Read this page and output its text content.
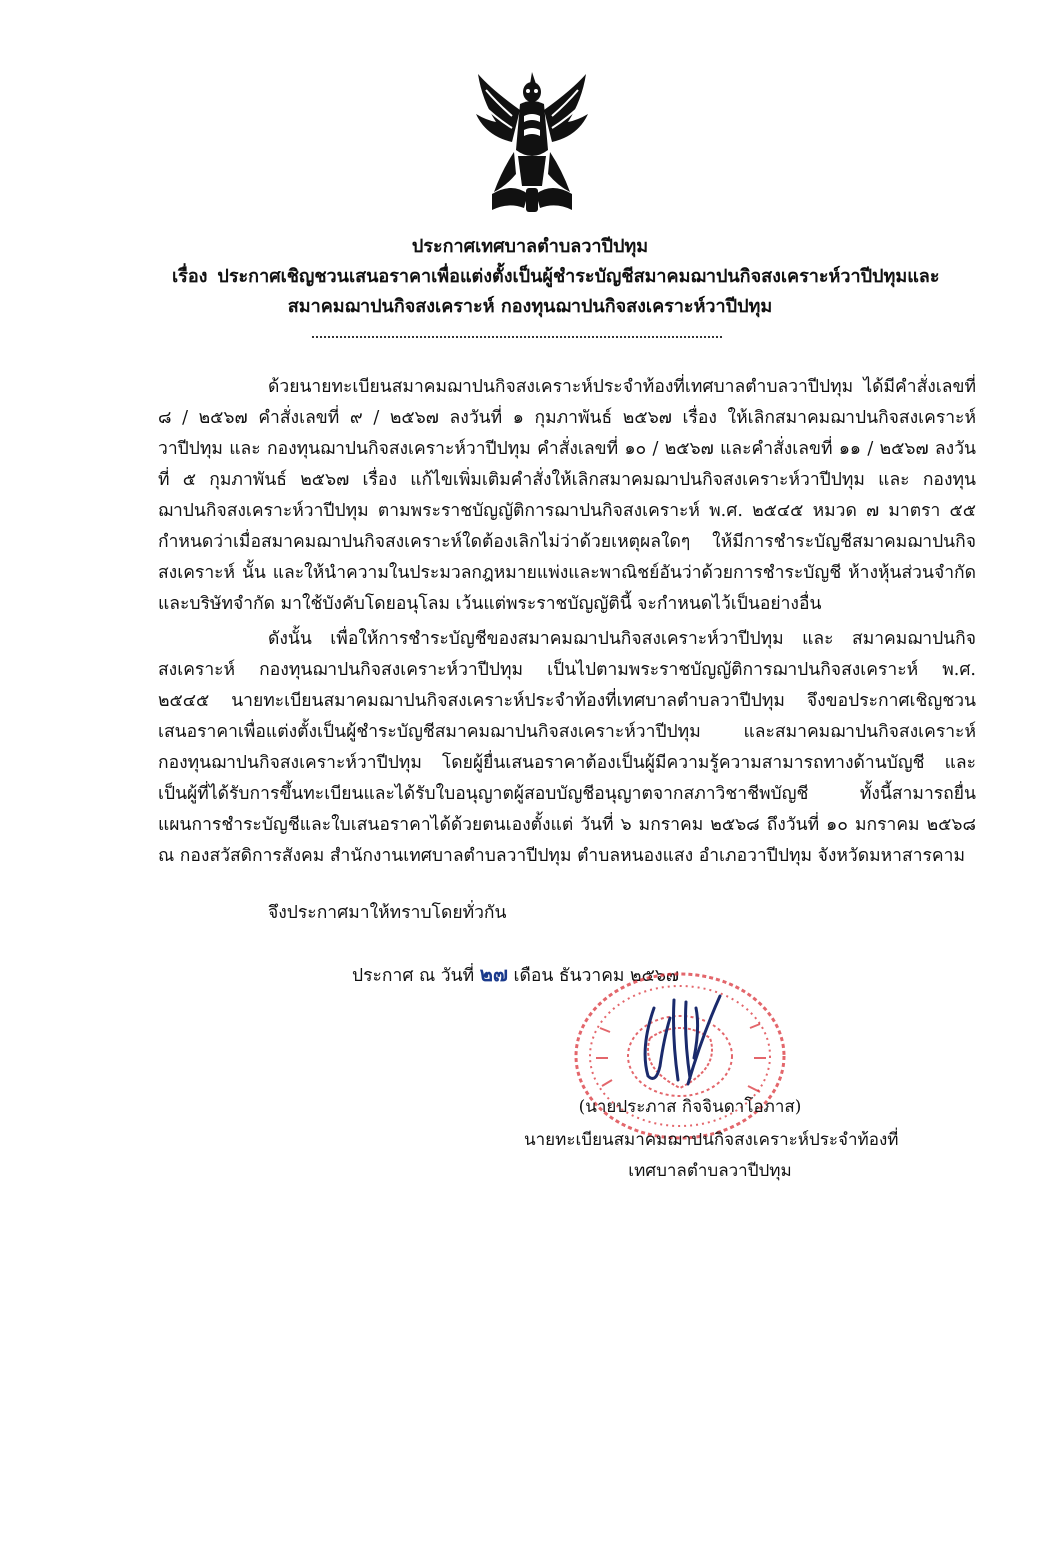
ประกาศเทศบาลตำบลวาปีปทุม
เรื่อง ประกาศเชิญชวนเสนอราคาเพื่อแต่งตั้งเป็นผู้ชำระบัญชีสมาคมฌาปนกิจสงเคราะห์วาปีปทุมและ
สมาคมฌาปนกิจสงเคราะห์ กองทุนฌาปนกิจสงเคราะห์วาปีปทุม
ด้วยนายทะเบียนสมาคมฌาปนกิจสงเคราะห์ประจำท้องที่เทศบาลตำบลวาปีปทุม ได้มีคำสั่งเลขที่ ๘ / ๒๕๖๗ คำสั่งเลขที่ ๙ / ๒๕๖๗ ลงวันที่ ๑ กุมภาพันธ์ ๒๕๖๗ เรื่อง ให้เลิกสมาคมฌาปนกิจสงเคราะห์วาปีปทุม และ กองทุนฌาปนกิจสงเคราะห์วาปีปทุม คำสั่งเลขที่ ๑๐ / ๒๕๖๗ และคำสั่งเลขที่ ๑๑ / ๒๕๖๗ ลงวันที่ ๕ กุมภาพันธ์ ๒๕๖๗ เรื่อง แก้ไขเพิ่มเติมคำสั่งให้เลิกสมาคมฌาปนกิจสงเคราะห์วาปีปทุม และ กองทุนฌาปนกิจสงเคราะห์วาปีปทุม ตามพระราชบัญญัติการฌาปนกิจสงเคราะห์ พ.ศ. ๒๕๔๕ หมวด ๗ มาตรา ๕๕ กำหนดว่าเมื่อสมาคมฌาปนกิจสงเคราะห์ใดต้องเลิกไม่ว่าด้วยเหตุผลใดๆ ให้มีการชำระบัญชีสมาคมฌาปนกิจสงเคราะห์ นั้น และให้นำความในประมวลกฎหมายแพ่งและพาณิชย์อันว่าด้วยการชำระบัญชี ห้างหุ้นส่วนจำกัดและบริษัทจำกัด มาใช้บังคับโดยอนุโลม เว้นแต่พระราชบัญญัตินี้ จะกำหนดไว้เป็นอย่างอื่น
ดังนั้น เพื่อให้การชำระบัญชีของสมาคมฌาปนกิจสงเคราะห์วาปีปทุม และ สมาคมฌาปนกิจสงเคราะห์ กองทุนฌาปนกิจสงเคราะห์วาปีปทุม เป็นไปตามพระราชบัญญัติการฌาปนกิจสงเคราะห์ พ.ศ. ๒๕๔๕ นายทะเบียนสมาคมฌาปนกิจสงเคราะห์ประจำท้องที่เทศบาลตำบลวาปีปทุม จึงขอประกาศเชิญชวนเสนอราคาเพื่อแต่งตั้งเป็นผู้ชำระบัญชีสมาคมฌาปนกิจสงเคราะห์วาปีปทุม และสมาคมฌาปนกิจสงเคราะห์ กองทุนฌาปนกิจสงเคราะห์วาปีปทุม โดยผู้ยื่นเสนอราคาต้องเป็นผู้มีความรู้ความสามารถทางด้านบัญชี และเป็นผู้ที่ได้รับการขึ้นทะเบียนและได้รับใบอนุญาตผู้สอบบัญชีอนุญาตจากสภาวิชาชีพบัญชี ทั้งนี้สามารถยื่นแผนการชำระบัญชีและใบเสนอราคาได้ด้วยตนเองตั้งแต่ วันที่ ๖ มกราคม ๒๕๖๘ ถึงวันที่ ๑๐ มกราคม ๒๕๖๘ ณ กองสวัสดิการสังคม สำนักงานเทศบาลตำบลวาปีปทุม ตำบลหนองแสง อำเภอวาปีปทุม จังหวัดมหาสารคาม
จึงประกาศมาให้ทราบโดยทั่วกัน
ประกาศ ณ วันที่ ๒๗ เดือน ธันวาคม ๒๕๖๗
(นายประภาส กิจจินดาโอภาส)
นายทะเบียนสมาคมฌาปนกิจสงเคราะห์ประจำท้องที่
เทศบาลตำบลวาปีปทุม
